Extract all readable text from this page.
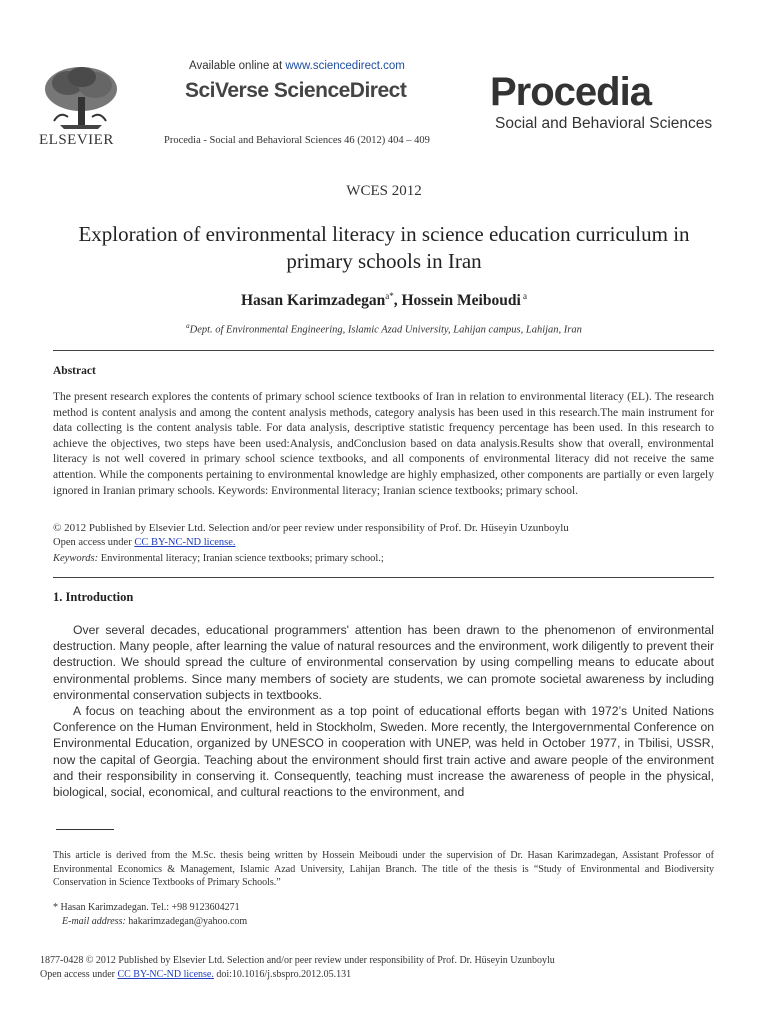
ELSEVIER
Available online at www.sciencedirect.com
SciVerse ScienceDirect
Procedia - Social and Behavioral Sciences 46 (2012) 404 – 409
Procedia
Social and Behavioral Sciences
WCES 2012
Exploration of environmental literacy in science education curriculum in primary schools in Iran
Hasan Karimzadegan$^{a*}$, Hossein Meiboudi $^a$
$^a$Dept. of Environmental Engineering, Islamic Azad University, Lahijan campus, Lahijan, Iran
Abstract
The present research explores the contents of primary school science textbooks of Iran in relation to environmental literacy (EL). The research method is content analysis and among the content analysis methods, category analysis has been used in this research.The main instrument for data collecting is the content analysis table. For data analysis, descriptive statistic frequency percentage has been used. In this research to achieve the objectives, two steps have been used:Analysis, andConclusion based on data analysis.Results show that overall, environmental literacy is not well covered in primary school science textbooks, and all components of environmental literacy did not receive the same attention. While the components pertaining to environmental knowledge are highly emphasized, other components are partially or even largely ignored in Iranian primary schools. Keywords: Environmental literacy; Iranian science textbooks; primary school.
© 2012 Published by Elsevier Ltd. Selection and/or peer review under responsibility of Prof. Dr. Hüseyin Uzunboylu
Open access under CC BY-NC-ND license.
Keywords: Environmental literacy; Iranian science textbooks; primary school.;
1. Introduction

Over several decades, educational programmers' attention has been drawn to the phenomenon of environmental destruction. Many people, after learning the value of natural resources and the environment, work diligently to prevent their destruction. We should spread the culture of environmental conservation by using compelling means to educate about environmental problems. Since many members of society are students, we can promote societal awareness by including environmental conservation subjects in textbooks.

A focus on teaching about the environment as a top point of educational efforts began with 1972’s United Nations Conference on the Human Environment, held in Stockholm, Sweden. More recently, the Intergovernmental Conference on Environmental Education, organized by UNESCO in cooperation with UNEP, was held in October 1977, in Tbilisi, USSR, now the capital of Georgia. Teaching about the environment should first train active and aware people of the environment and their responsibility in conserving it. Consequently, teaching must increase the awareness of people in the physical, biological, social, economical, and cultural reactions to the environment, and

This article is derived from the M.Sc. thesis being written by Hossein Meiboudi under the supervision of Dr. Hasan Karimzadegan, Assistant Professor of Environmental Economics & Management, Islamic Azad University, Lahijan Branch. The title of the thesis is “Study of Environmental and Biodiversity Conservation in Science Textbooks of Primary Schools.”
* Hasan Karimzadegan. Tel.: +98 9123604271
E-mail address: hakarimzadegan@yahoo.com
1877-0428 © 2012 Published by Elsevier Ltd. Selection and/or peer review under responsibility of Prof. Dr. Hüseyin Uzunboylu
Open access under CC BY-NC-ND license. doi:10.1016/j.sbspro.2012.05.131
